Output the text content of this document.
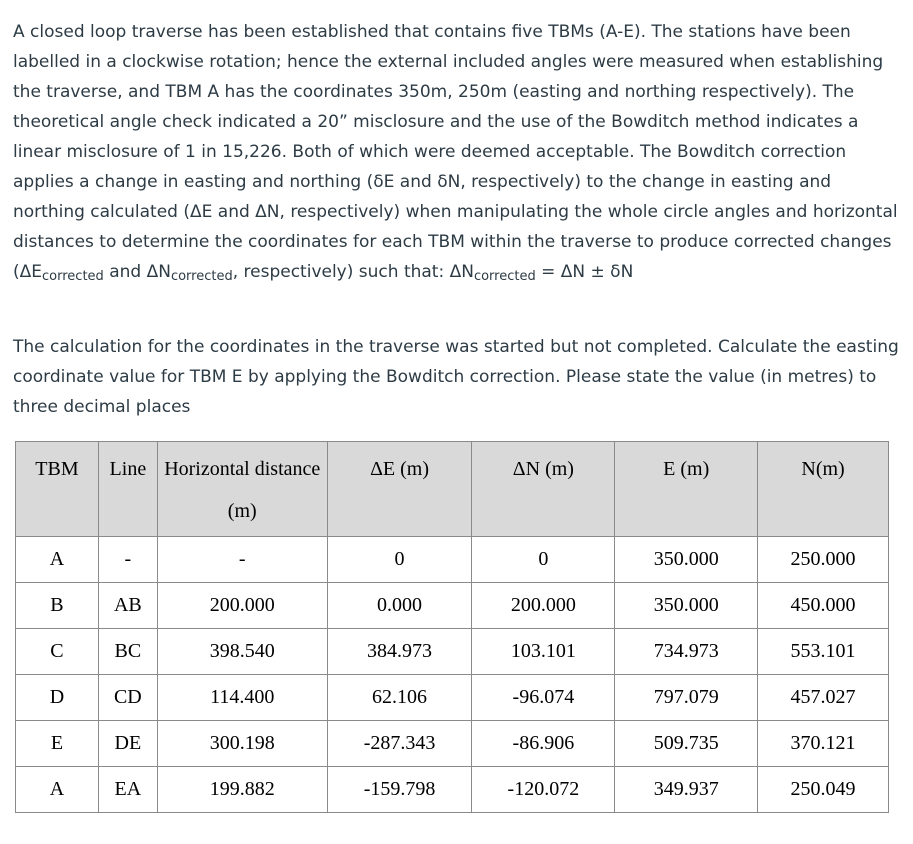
A closed loop traverse has been established that contains five TBMs (A-E). The stations have been labelled in a clockwise rotation; hence the external included angles were measured when establishing the traverse, and TBM A has the coordinates 350m, 250m (easting and northing respectively). The theoretical angle check indicated a 20” misclosure and the use of the Bowditch method indicates a linear misclosure of 1 in 15,226. Both of which were deemed acceptable. The Bowditch correction applies a change in easting and northing (δE and δN, respectively) to the change in easting and northing calculated (ΔE and ΔN, respectively) when manipulating the whole circle angles and horizontal distances to determine the coordinates for each TBM within the traverse to produce corrected changes ($\Delta E_{corrected}$ and $\Delta N_{corrected}$, respectively) such that: $\Delta N_{corrected} = \Delta N \pm \delta N$

The calculation for the coordinates in the traverse was started but not completed. Calculate the easting coordinate value for TBM E by applying the Bowditch correction. Please state the value (in metres) to three decimal places

TBM	Line	Horizontal distance (m)	ΔE (m)	ΔN (m)	E (m)	N(m)
A	-	-	0	0	350.000	250.000
B	AB	200.000	0.000	200.000	350.000	450.000
C	BC	398.540	384.973	103.101	734.973	553.101
D	CD	114.400	62.106	-96.074	797.079	457.027
E	DE	300.198	-287.343	-86.906	509.735	370.121
A	EA	199.882	-159.798	-120.072	349.937	250.049
